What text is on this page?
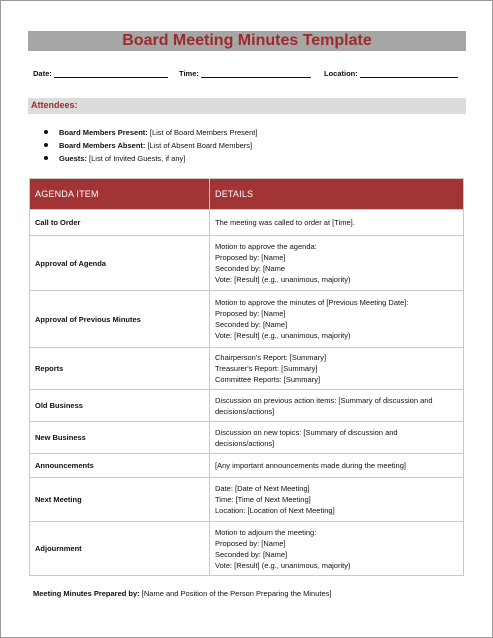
Board Meeting Minutes Template
Date:	Time:	Location:
Attendees:
Board Members Present: [List of Board Members Present]
Board Members Absent: [List of Absent Board Members]
Guests: [List of Invited Guests, if any]
AGENDA ITEM	DETAILS
Call to Order	The meeting was called to order at [Time].
Approval of Agenda	Motion to approve the agenda:
Proposed by: [Name]
Seconded by: [Name
Vote: [Result] (e.g., unanimous, majority)
Approval of Previous Minutes	Motion to approve the minutes of [Previous Meeting Date]:
Proposed by: [Name]
Seconded by: [Name]
Vote: [Result] (e.g., unanimous, majority)
Reports	Chairperson's Report: [Summary]
Treasurer's Report: [Summary]
Committee Reports: [Summary]
Old Business	Discussion on previous action items: [Summary of discussion and
decisions/actions]
New Business	Discussion on new topics: [Summary of discussion and
decisions/actions]
Announcements	[Any important announcements made during the meeting]
Next Meeting	Date: [Date of Next Meeting]
Time: [Time of Next Meeting]
Location: [Location of Next Meeting]
Adjournment	Motion to adjourn the meeting:
Proposed by: [Name]
Seconded by: [Name]
Vote: [Result] (e.g., unanimous, majority)
Meeting Minutes Prepared by: [Name and Position of the Person Preparing the Minutes]
